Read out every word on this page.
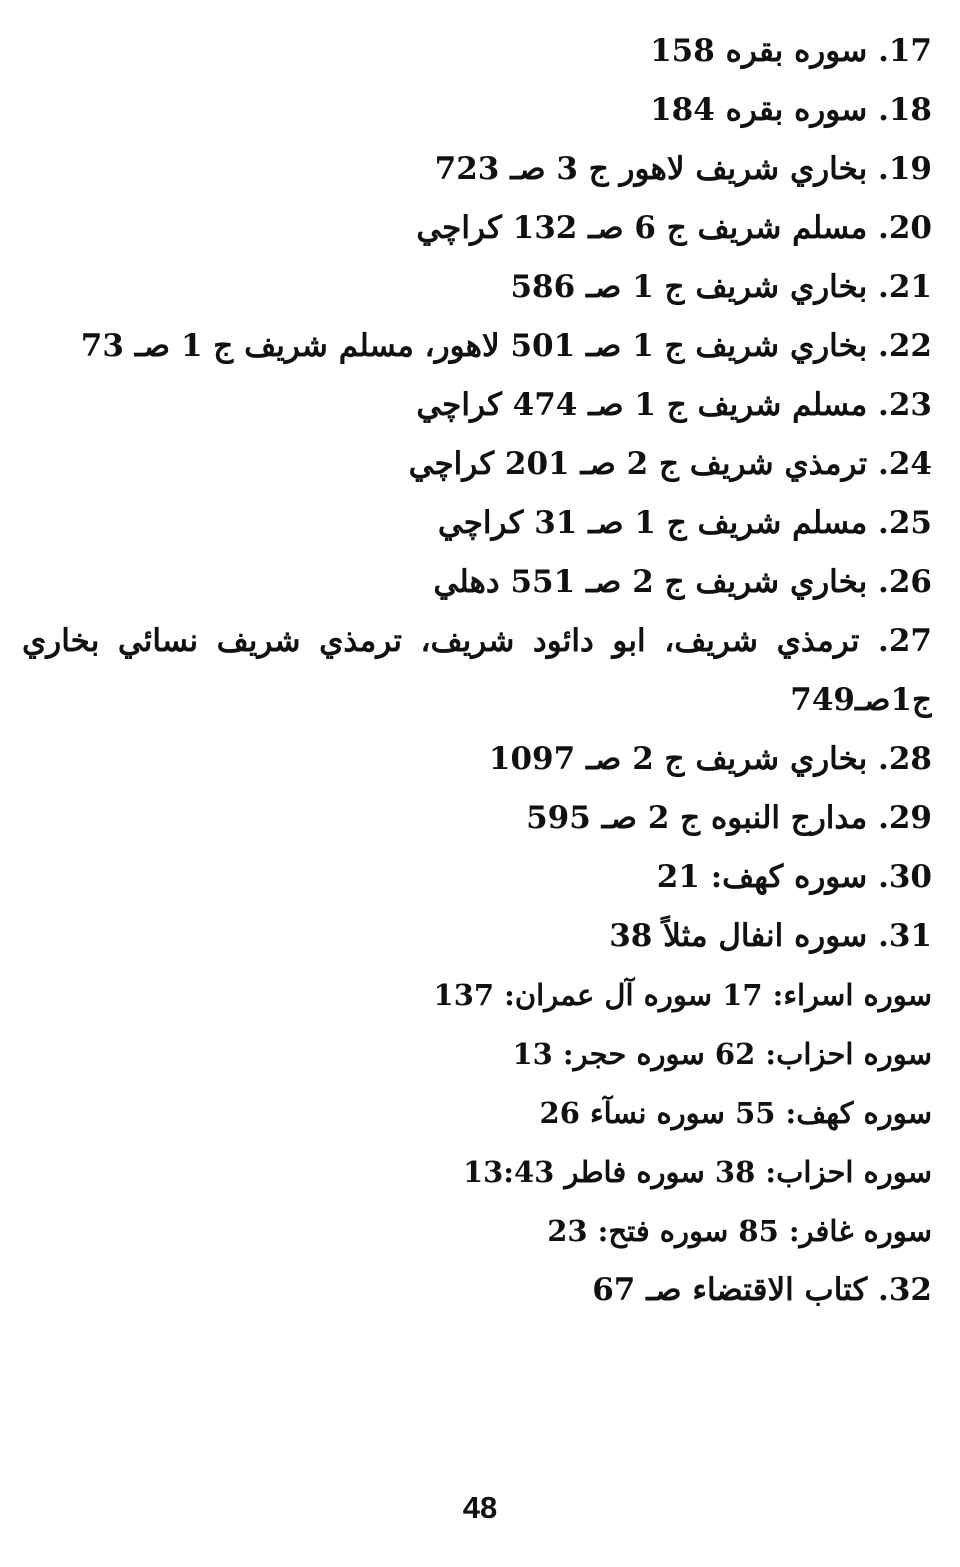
17. سوره بقره 158
18. سوره بقره 184
19. بخاري شريف لاهور ج 3 صـ 723
20. مسلم شريف ج 6 صـ 132 كراچي
21. بخاري شريف ج 1 صـ 586
22. بخاري شريف ج 1 صـ 501 لاهور، مسلم شريف ج 1 صـ 73
23. مسلم شريف ج 1 صـ 474 كراچي
24. ترمذي شريف ج 2 صـ 201 كراچي
25. مسلم شريف ج 1 صـ 31 كراچي
26. بخاري شريف ج 2 صـ 551 دهلي
27. ترمذي شريف، ابو دائود شريف، ترمذي شريف نسائي بخاري ج1صـ749
28. بخاري شريف ج 2 صـ 1097
29. مدارج النبوه ج 2 صـ 595
30. سوره كهف: 21
31. سوره انفال مثلاً 38
سوره اسراء: 17 سوره آل عمران: 137
سوره احزاب: 62 سوره حجر: 13
سوره كهف: 55 سوره نسآء 26
سوره احزاب: 38 سوره فاطر 13:43
سوره غافر: 85 سوره فتح: 23
32. كتاب الاقتضاء صـ 67
48
